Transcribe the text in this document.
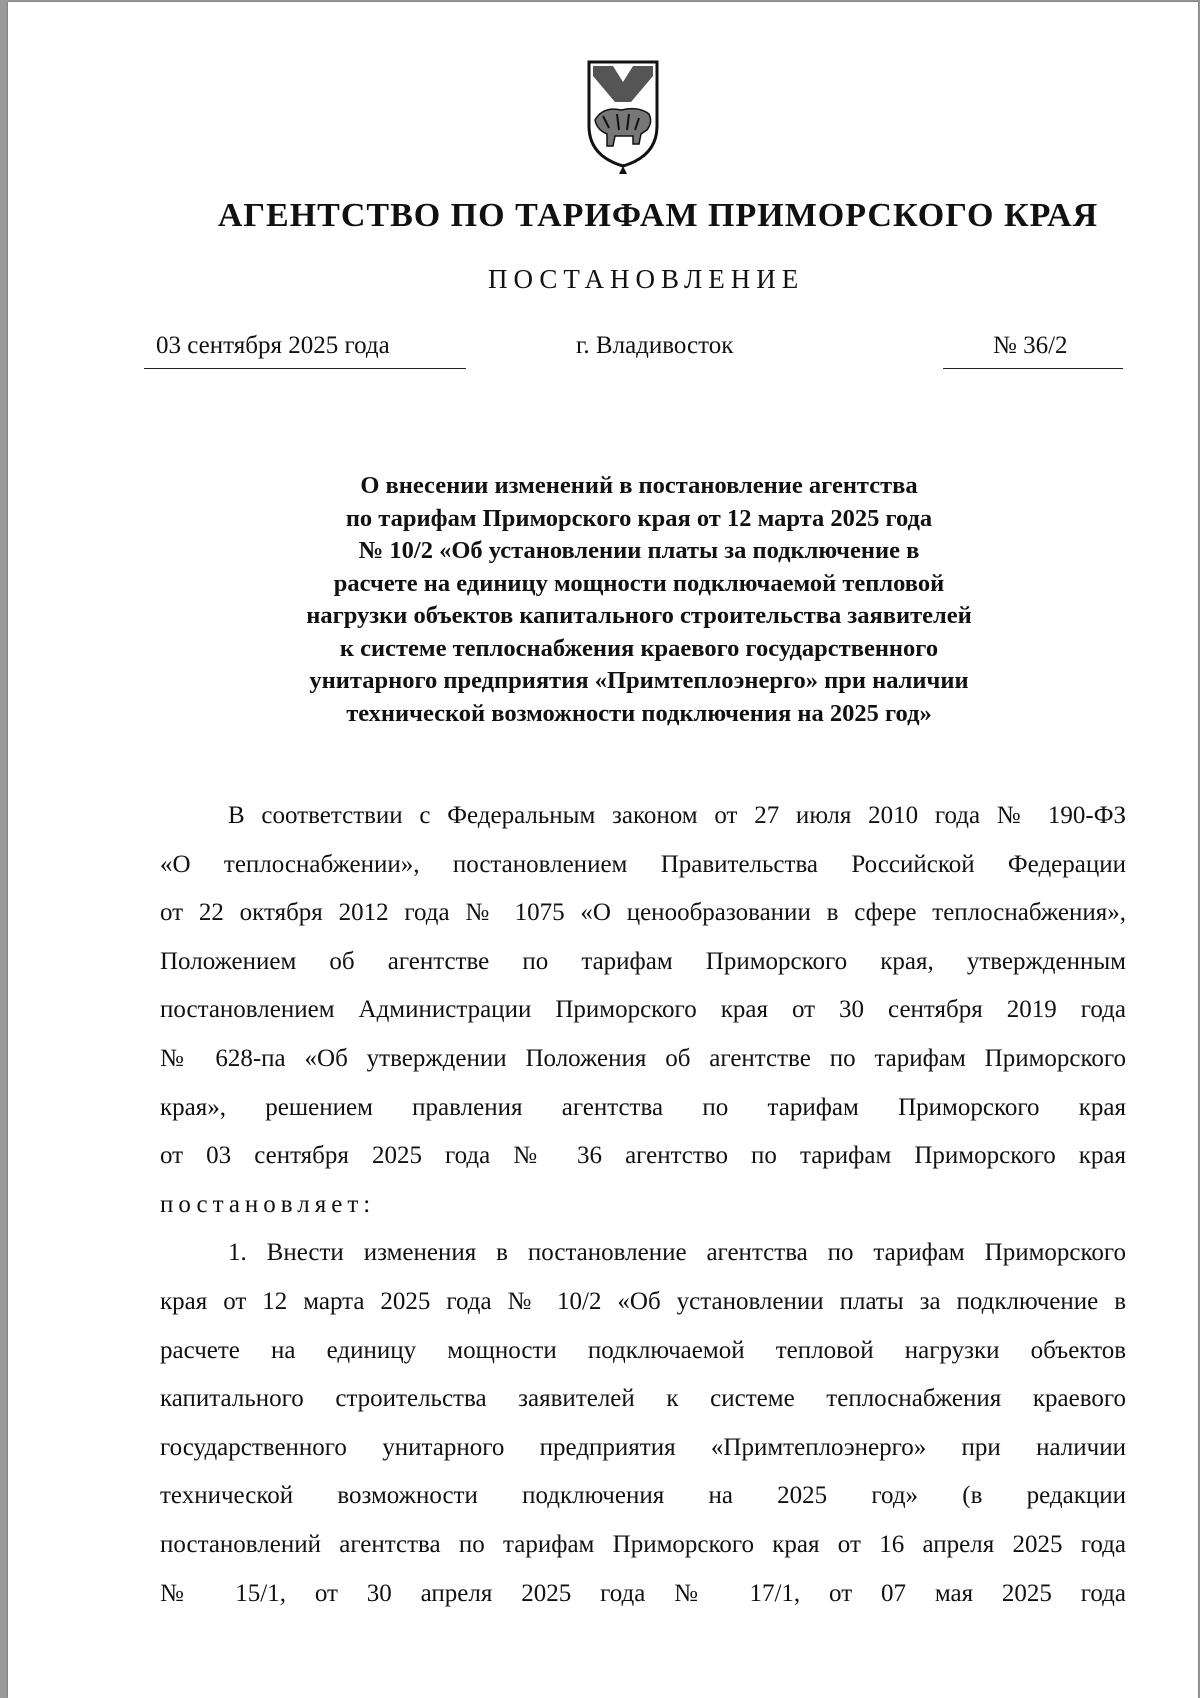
АГЕНТСТВО ПО ТАРИФАМ ПРИМОРСКОГО КРАЯ
ПОСТАНОВЛЕНИЕ
03 сентября 2025 года	г. Владивосток	№ 36/2
О внесении изменений в постановление агентства
по тарифам Приморского края от 12 марта 2025 года
№ 10/2 «Об установлении платы за подключение в
расчете на единицу мощности подключаемой тепловой
нагрузки объектов капитального строительства заявителей
к системе теплоснабжения краевого государственного
унитарного предприятия «Примтеплоэнерго» при наличии
технической возможности подключения на 2025 год»
В соответствии с Федеральным законом от 27 июля 2010 года № 190-ФЗ
«О теплоснабжении», постановлением Правительства Российской Федерации
от 22 октября 2012 года № 1075 «О ценообразовании в сфере теплоснабжения»,
Положением об агентстве по тарифам Приморского края, утвержденным
постановлением Администрации Приморского края от 30 сентября 2019 года
№ 628-па «Об утверждении Положения об агентстве по тарифам Приморского
края», решением правления агентства по тарифам Приморского края
от 03 сентября 2025 года № 36 агентство по тарифам Приморского края
постановляет:
1. Внести изменения в постановление агентства по тарифам Приморского
края от 12 марта 2025 года № 10/2 «Об установлении платы за подключение в
расчете на единицу мощности подключаемой тепловой нагрузки объектов
капитального строительства заявителей к системе теплоснабжения краевого
государственного унитарного предприятия «Примтеплоэнерго» при наличии
технической возможности подключения на 2025 год» (в редакции
постановлений агентства по тарифам Приморского края от 16 апреля 2025 года
№ 15/1, от 30 апреля 2025 года № 17/1, от 07 мая 2025 года
